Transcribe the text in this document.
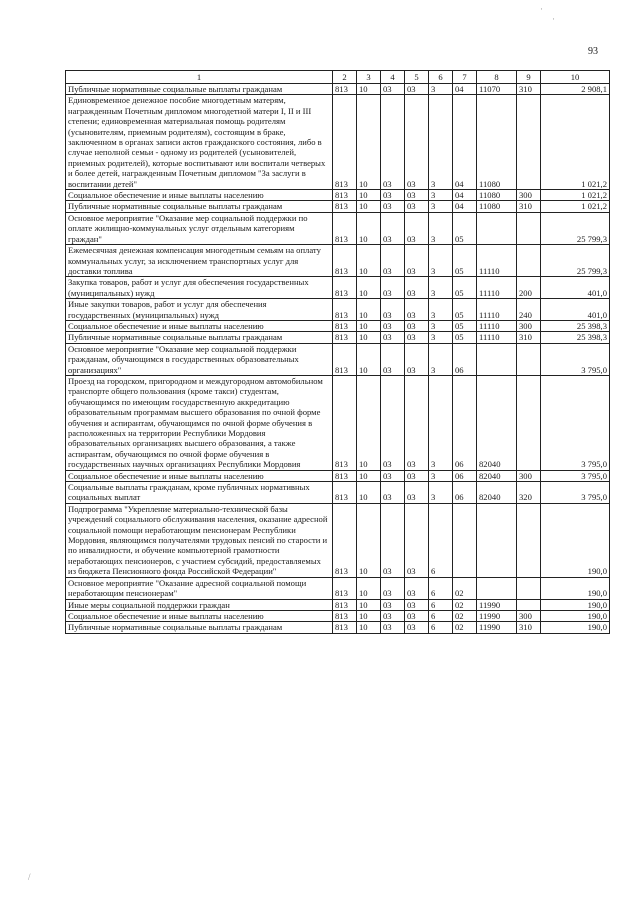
93
·
·
/
1	2	3	4	5	6	7	8	9	10
Публичные нормативные социальные выплаты гражданам	813	10	03	03	3	04	11070	310	2 908,1
Единовременное денежное пособие многодетным матерям, награжденным Почетным дипломом многодетной матери I, II и III степени; единовременная материальная помощь родителям (усыновителям, приемным родителям), состоящим в браке, заключенном в органах записи актов гражданского состояния, либо в случае неполной семьи - одному из родителей (усыновителей, приемных родителей), которые воспитывают или воспитали четверых и более детей, награжденным Почетным дипломом "За заслуги в воспитании детей"	813	10	03	03	3	04	11080		1 021,2
Социальное обеспечение и иные выплаты населению	813	10	03	03	3	04	11080	300	1 021,2
Публичные нормативные социальные выплаты гражданам	813	10	03	03	3	04	11080	310	1 021,2
Основное мероприятие "Оказание мер социальной поддержки по оплате жилищно-коммунальных услуг отдельным категориям граждан"	813	10	03	03	3	05			25 799,3
Ежемесячная денежная компенсация многодетным семьям на оплату коммунальных услуг, за исключением транспортных услуг для доставки топлива	813	10	03	03	3	05	11110		25 799,3
Закупка товаров, работ и услуг для обеспечения государственных (муниципальных) нужд	813	10	03	03	3	05	11110	200	401,0
Иные закупки товаров, работ и услуг для обеспечения государственных (муниципальных) нужд	813	10	03	03	3	05	11110	240	401,0
Социальное обеспечение и иные выплаты населению	813	10	03	03	3	05	11110	300	25 398,3
Публичные нормативные социальные выплаты гражданам	813	10	03	03	3	05	11110	310	25 398,3
Основное мероприятие "Оказание мер социальной поддержки гражданам, обучающимся в государственных образовательных организациях"	813	10	03	03	3	06			3 795,0
Проезд на городском, пригородном и междугородном автомобильном транспорте общего пользования (кроме такси) студентам, обучающимся по имеющим государственную аккредитацию образовательным программам высшего образования по очной форме обучения и аспирантам, обучающимся по очной форме обучения в расположенных на территории Республики Мордовия образовательных организациях высшего образования, а также аспирантам, обучающимся по очной форме обучения в государственных научных организациях Республики Мордовия	813	10	03	03	3	06	82040		3 795,0
Социальное обеспечение и иные выплаты населению	813	10	03	03	3	06	82040	300	3 795,0
Социальные выплаты гражданам, кроме публичных нормативных социальных выплат	813	10	03	03	3	06	82040	320	3 795,0
Подпрограмма "Укрепление материально-технической базы учреждений социального обслуживания населения, оказание адресной социальной помощи неработающим пенсионерам Республики Мордовия, являющимся получателями трудовых пенсий по старости и по инвалидности, и обучение компьютерной грамотности неработающих пенсионеров, с участием субсидий, предоставляемых из бюджета Пенсионного фонда Российской Федерации"	813	10	03	03	6				190,0
Основное мероприятие "Оказание адресной социальной помощи неработающим пенсионерам"	813	10	03	03	6	02			190,0
Иные меры социальной поддержки граждан	813	10	03	03	6	02	11990		190,0
Социальное обеспечение и иные выплаты населению	813	10	03	03	6	02	11990	300	190,0
Публичные нормативные социальные выплаты гражданам	813	10	03	03	6	02	11990	310	190,0
